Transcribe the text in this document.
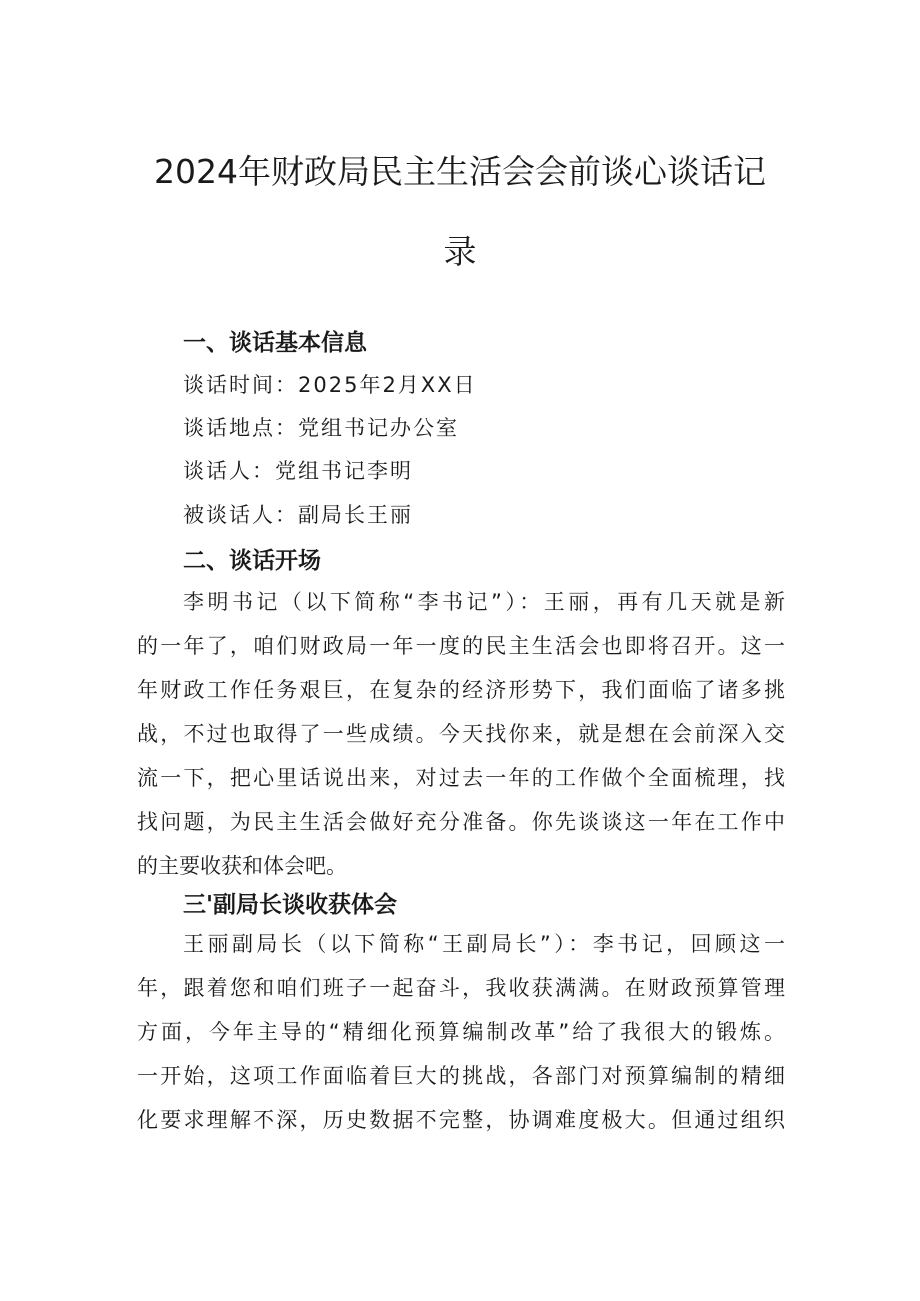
2024年财政局民主生活会会前谈心谈话记
录
一、谈话基本信息

谈话时间：2025年2月XX日

谈话地点：党组书记办公室

谈话人：党组书记李明

被谈话人：副局长王丽

二、谈话开场
李明书记（以下简称“李书记”）：王丽，再有几天就是新
的一年了，咱们财政局一年一度的民主生活会也即将召开。这一
年财政工作任务艰巨，在复杂的经济形势下，我们面临了诸多挑
战，不过也取得了一些成绩。今天找你来，就是想在会前深入交
流一下，把心里话说出来，对过去一年的工作做个全面梳理，找
找问题，为民主生活会做好充分准备。你先谈谈这一年在工作中
的主要收获和体会吧。
三'副局长谈收获体会
王丽副局长（以下简称“王副局长”）：李书记，回顾这一
年，跟着您和咱们班子一起奋斗，我收获满满。在财政预算管理
方面，今年主导的“精细化预算编制改革”给了我很大的锻炼。
一开始，这项工作面临着巨大的挑战，各部门对预算编制的精细
化要求理解不深，历史数据不完整，协调难度极大。但通过组织
